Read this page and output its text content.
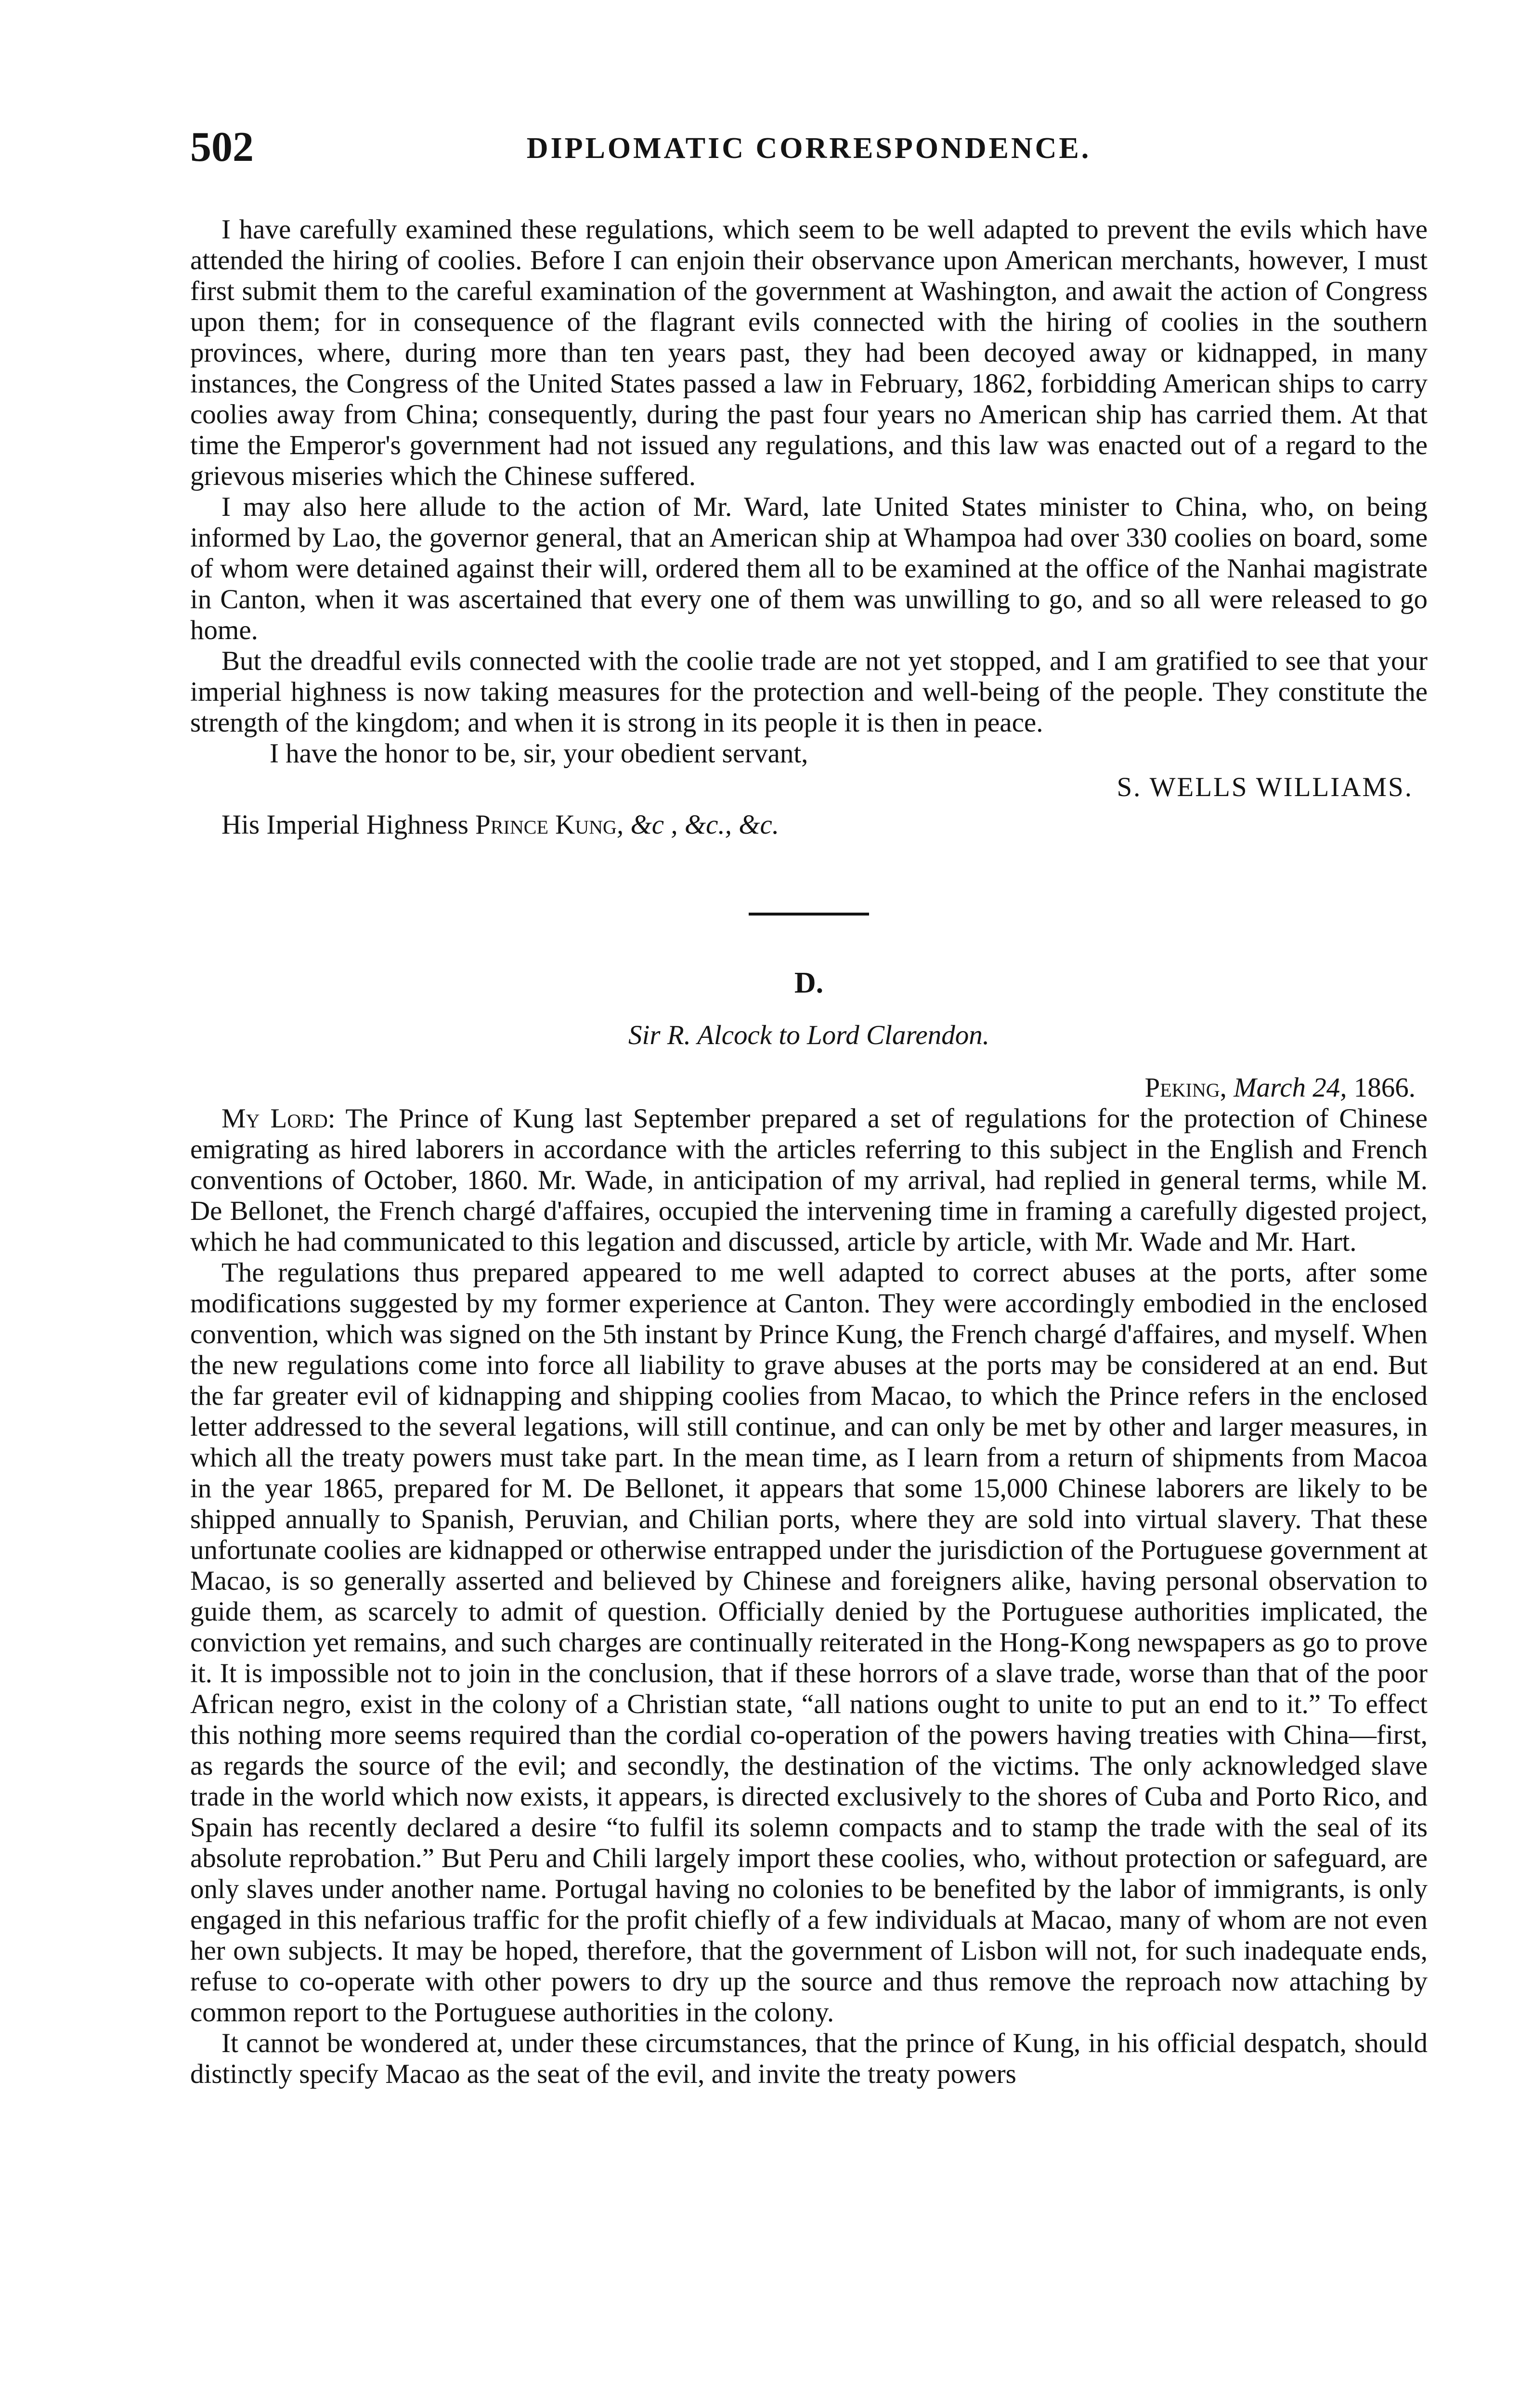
502	DIPLOMATIC CORRESPONDENCE.

I have carefully examined these regulations, which seem to be well adapted to prevent the evils which have attended the hiring of coolies. Before I can enjoin their observance upon American merchants, however, I must first submit them to the careful examination of the government at Washington, and await the action of Congress upon them; for in consequence of the flagrant evils connected with the hiring of coolies in the southern provinces, where, during more than ten years past, they had been decoyed away or kidnapped, in many instances, the Congress of the United States passed a law in February, 1862, forbidding American ships to carry coolies away from China; consequently, during the past four years no American ship has carried them. At that time the Emperor's government had not issued any regulations, and this law was enacted out of a regard to the grievous miseries which the Chinese suffered.

I may also here allude to the action of Mr. Ward, late United States minister to China, who, on being informed by Lao, the governor general, that an American ship at Whampoa had over 330 coolies on board, some of whom were detained against their will, ordered them all to be examined at the office of the Nanhai magistrate in Canton, when it was ascertained that every one of them was unwilling to go, and so all were released to go home.

But the dreadful evils connected with the coolie trade are not yet stopped, and I am gratified to see that your imperial highness is now taking measures for the protection and well-being of the people. They constitute the strength of the kingdom; and when it is strong in its people it is then in peace.

I have the honor to be, sir, your obedient servant,

S. WELLS WILLIAMS.

His Imperial Highness Prince Kung, &c , &c., &c.

D.

Sir R. Alcock to Lord Clarendon.

Peking, March 24, 1866.

My Lord: The Prince of Kung last September prepared a set of regulations for the protection of Chinese emigrating as hired laborers in accordance with the articles referring to this subject in the English and French conventions of October, 1860. Mr. Wade, in anticipation of my arrival, had replied in general terms, while M. De Bellonet, the French chargé d'affaires, occupied the intervening time in framing a carefully digested project, which he had communicated to this legation and discussed, article by article, with Mr. Wade and Mr. Hart.

The regulations thus prepared appeared to me well adapted to correct abuses at the ports, after some modifications suggested by my former experience at Canton. They were accordingly embodied in the enclosed convention, which was signed on the 5th instant by Prince Kung, the French chargé d'affaires, and myself. When the new regulations come into force all liability to grave abuses at the ports may be considered at an end. But the far greater evil of kidnapping and shipping coolies from Macao, to which the Prince refers in the enclosed letter addressed to the several legations, will still continue, and can only be met by other and larger measures, in which all the treaty powers must take part. In the mean time, as I learn from a return of shipments from Macoa in the year 1865, prepared for M. De Bellonet, it appears that some 15,000 Chinese laborers are likely to be shipped annually to Spanish, Peruvian, and Chilian ports, where they are sold into virtual slavery. That these unfortunate coolies are kidnapped or otherwise entrapped under the jurisdiction of the Portuguese government at Macao, is so generally asserted and believed by Chinese and foreigners alike, having personal observation to guide them, as scarcely to admit of question. Officially denied by the Portuguese authorities implicated, the conviction yet remains, and such charges are continually reiterated in the Hong-Kong newspapers as go to prove it. It is impossible not to join in the conclusion, that if these horrors of a slave trade, worse than that of the poor African negro, exist in the colony of a Christian state, “all nations ought to unite to put an end to it.” To effect this nothing more seems required than the cordial co-operation of the powers having treaties with China—first, as regards the source of the evil; and secondly, the destination of the victims. The only acknowledged slave trade in the world which now exists, it appears, is directed exclusively to the shores of Cuba and Porto Rico, and Spain has recently declared a desire “to fulfil its solemn compacts and to stamp the trade with the seal of its absolute reprobation.” But Peru and Chili largely import these coolies, who, without protection or safeguard, are only slaves under another name. Portugal having no colonies to be benefited by the labor of immigrants, is only engaged in this nefarious traffic for the profit chiefly of a few individuals at Macao, many of whom are not even her own subjects. It may be hoped, therefore, that the government of Lisbon will not, for such inadequate ends, refuse to co-operate with other powers to dry up the source and thus remove the reproach now attaching by common report to the Portuguese authorities in the colony.

It cannot be wondered at, under these circumstances, that the prince of Kung, in his official despatch, should distinctly specify Macao as the seat of the evil, and invite the treaty powers
